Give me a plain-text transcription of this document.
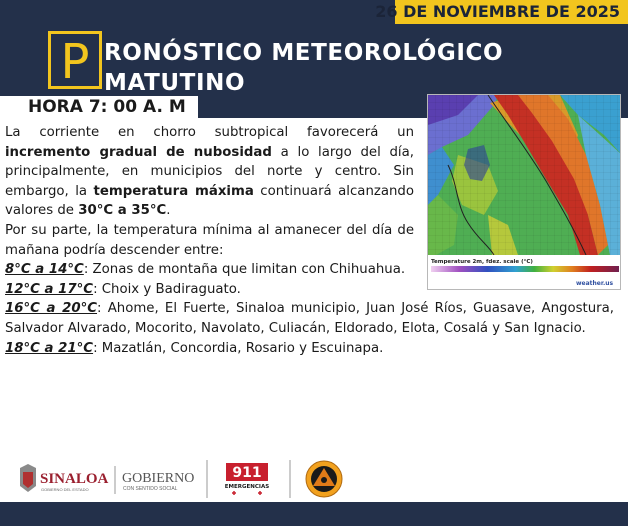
26 DE NOVIEMBRE DE 2025
P RONÓSTICO METEOROLÓGICO
MATUTINO
HORA 7: 00 A. M
Temperature 2m, fdez. scale (°C)
weather.us

La corriente en chorro subtropical favorecerá un incremento gradual de nubosidad a lo largo del día, principalmente, en municipios del norte y centro. Sin embargo, la temperatura máxima continuará alcanzando valores de 30°C a 35°C.

Por su parte, la temperatura mínima al amanecer del día de mañana podría descender entre:

8°C a 14°C: Zonas de montaña que limitan con Chihuahua.

12°C a 17°C: Choix y Badiraguato.

16°C a 20°C: Ahome, El Fuerte, Sinaloa municipio, Juan José Ríos, Guasave, Angostura, Salvador Alvarado, Mocorito, Navolato, Culiacán, Eldorado, Elota, Cosalá y San Ignacio.

18°C a 21°C: Mazatlán, Concordia, Rosario y Escuinapa.

SINALOA
GOBIERNO DEL ESTADO
GOBIERNO
CON SENTIDO SOCIAL
911
EMERGENCIAS
